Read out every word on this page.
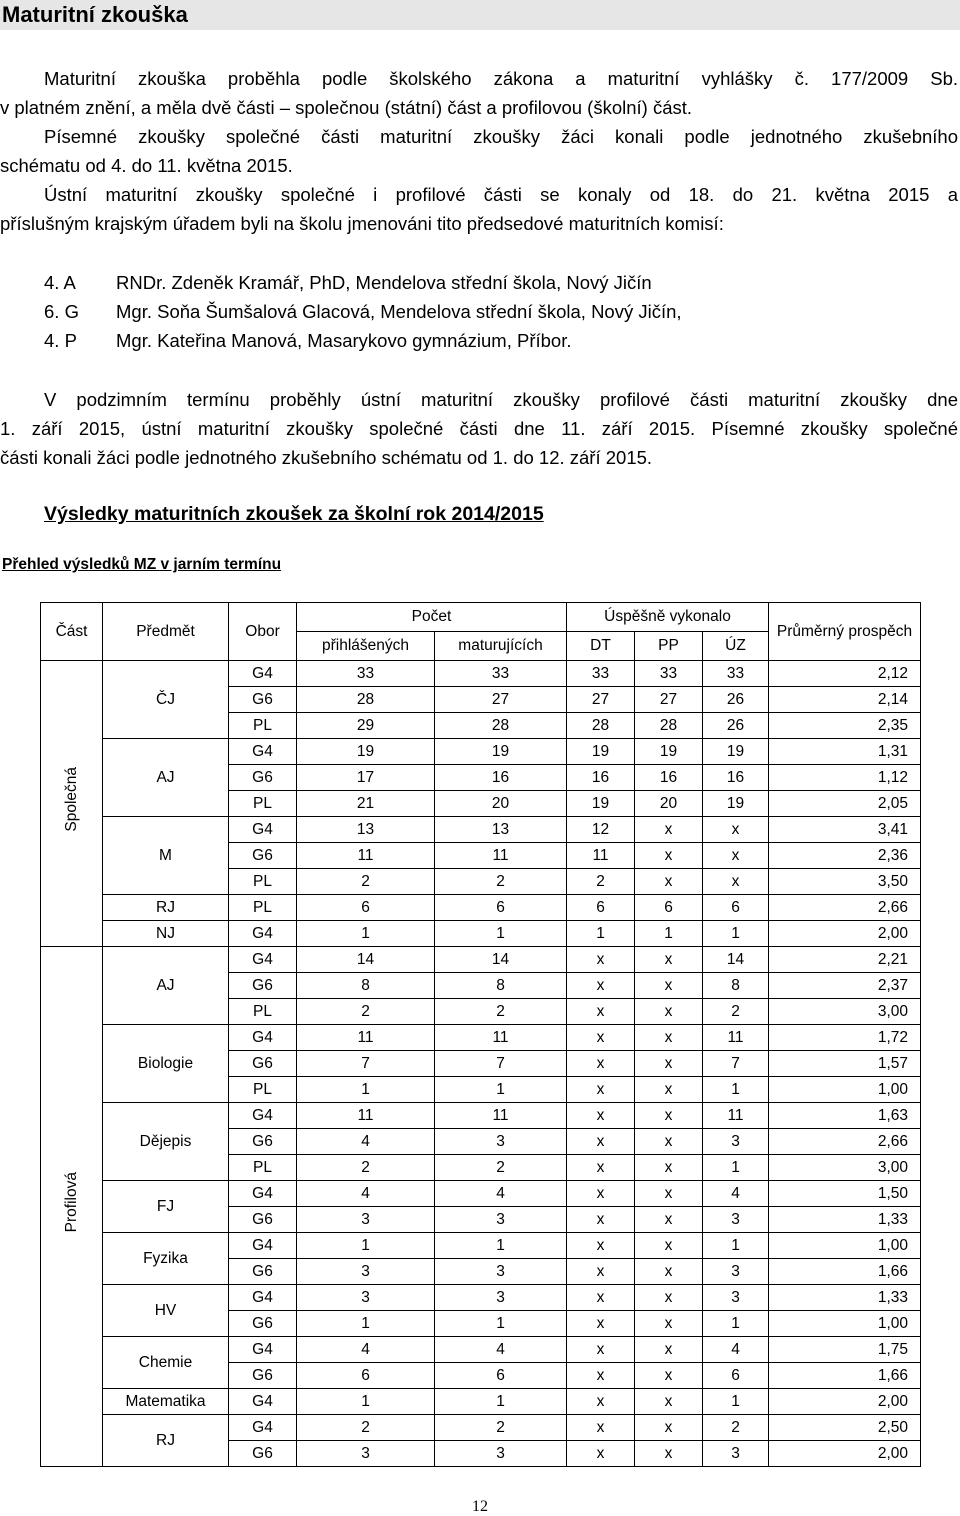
Maturitní zkouška
Maturitní zkouška proběhla podle školského zákona a maturitní vyhlášky č. 177/2009 Sb.
v platném znění, a měla dvě části – společnou (státní) část a profilovou (školní) část.
Písemné zkoušky společné části maturitní zkoušky žáci konali podle jednotného zkušebního
schématu od 4. do 11. května 2015.
Ústní maturitní zkoušky společné i profilové části se konaly od 18. do 21. května 2015 a
příslušným krajským úřadem byli na školu jmenováni tito předsedové maturitních komisí:
4. A	RNDr. Zdeněk Kramář, PhD, Mendelova střední škola, Nový Jičín
6. G	Mgr. Soňa Šumšalová Glacová, Mendelova střední škola, Nový Jičín,
4. P	Mgr. Kateřina Manová, Masarykovo gymnázium, Příbor.
V podzimním termínu proběhly ústní maturitní zkoušky profilové části maturitní zkoušky dne
1. září 2015, ústní maturitní zkoušky společné části dne 11. září 2015. Písemné zkoušky společné
části konali žáci podle jednotného zkušebního schématu od 1. do 12. září 2015.
Výsledky maturitních zkoušek za školní rok 2014/2015
Přehled výsledků MZ v jarním termínu
Část	Předmět	Obor	Počet		Úspěšně vykonalo			Průměrný prospěch
			přihlášených	maturujících	DT	PP	ÚZ	
Společná	ČJ	G4	33	33	33	33	33	2,12
		G6	28	27	27	27	26	2,14
		PL	29	28	28	28	26	2,35
	AJ	G4	19	19	19	19	19	1,31
		G6	17	16	16	16	16	1,12
		PL	21	20	19	20	19	2,05
	M	G4	13	13	12	x	x	3,41
		G6	11	11	11	x	x	2,36
		PL	2	2	2	x	x	3,50
	RJ	PL	6	6	6	6	6	2,66
	NJ	G4	1	1	1	1	1	2,00
Profilová	AJ	G4	14	14	x	x	14	2,21
		G6	8	8	x	x	8	2,37
		PL	2	2	x	x	2	3,00
	Biologie	G4	11	11	x	x	11	1,72
		G6	7	7	x	x	7	1,57
		PL	1	1	x	x	1	1,00
	Dějepis	G4	11	11	x	x	11	1,63
		G6	4	3	x	x	3	2,66
		PL	2	2	x	x	1	3,00
	FJ	G4	4	4	x	x	4	1,50
		G6	3	3	x	x	3	1,33
	Fyzika	G4	1	1	x	x	1	1,00
		G6	3	3	x	x	3	1,66
	HV	G4	3	3	x	x	3	1,33
		G6	1	1	x	x	1	1,00
	Chemie	G4	4	4	x	x	4	1,75
		G6	6	6	x	x	6	1,66
	Matematika	G4	1	1	x	x	1	2,00
	RJ	G4	2	2	x	x	2	2,50
		G6	3	3	x	x	3	2,00
12
